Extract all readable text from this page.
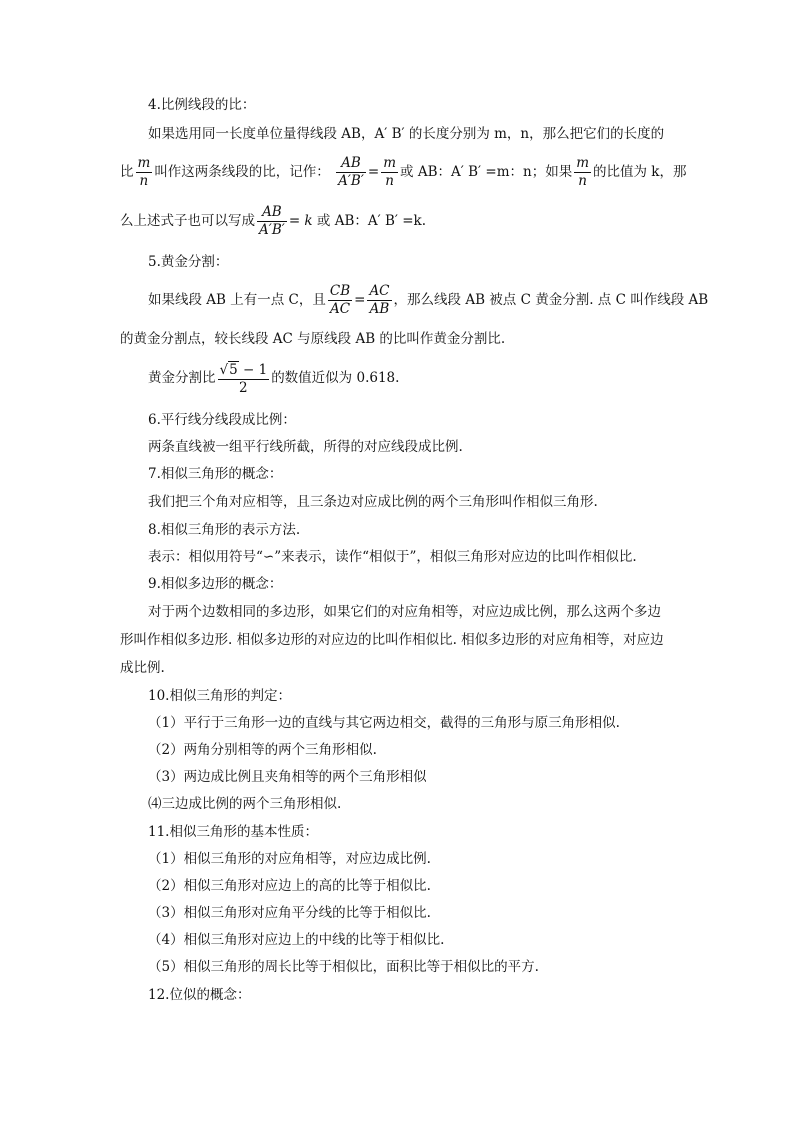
4.比例线段的比：
如果选用同一长度单位量得线段 AB，A′ B′ 的长度分别为 m，n，那么把它们的长度的
比 $\frac{m}{n}$ 叫作这两条线段的比，记作： $\frac{AB}{A'B'} = \frac{m}{n}$ 或 AB：A′ B′ =m：n；如果 $\frac{m}{n}$ 的比值为 k，那
么上述式子也可以写成 $\frac{AB}{A'B'} = k$ 或 AB：A′ B′ =k.
5.黄金分割：
如果线段 AB 上有一点 C，且 $\frac{CB}{AC} = \frac{AC}{AB}$ ，那么线段 AB 被点 C 黄金分割. 点 C 叫作线段 AB
的黄金分割点，较长线段 AC 与原线段 AB 的比叫作黄金分割比.
黄金分割比 $\frac{√5 - 1}{2}$ 的数值近似为 0.618.
6.平行线分线段成比例：
两条直线被一组平行线所截，所得的对应线段成比例.
7.相似三角形的概念：
我们把三个角对应相等，且三条边对应成比例的两个三角形叫作相似三角形.
8.相似三角形的表示方法.
表示：相似用符号“∽”来表示，读作“相似于”，相似三角形对应边的比叫作相似比.
9.相似多边形的概念：
对于两个边数相同的多边形，如果它们的对应角相等，对应边成比例，那么这两个多边
形叫作相似多边形. 相似多边形的对应边的比叫作相似比. 相似多边形的对应角相等，对应边
成比例.
10.相似三角形的判定：
（1）平行于三角形一边的直线与其它两边相交，截得的三角形与原三角形相似.
（2）两角分别相等的两个三角形相似.
（3）两边成比例且夹角相等的两个三角形相似
⑷三边成比例的两个三角形相似.
11.相似三角形的基本性质：
（1）相似三角形的对应角相等，对应边成比例.
（2）相似三角形对应边上的高的比等于相似比.
（3）相似三角形对应角平分线的比等于相似比.
（4）相似三角形对应边上的中线的比等于相似比.
（5）相似三角形的周长比等于相似比，面积比等于相似比的平方.
12.位似的概念：
